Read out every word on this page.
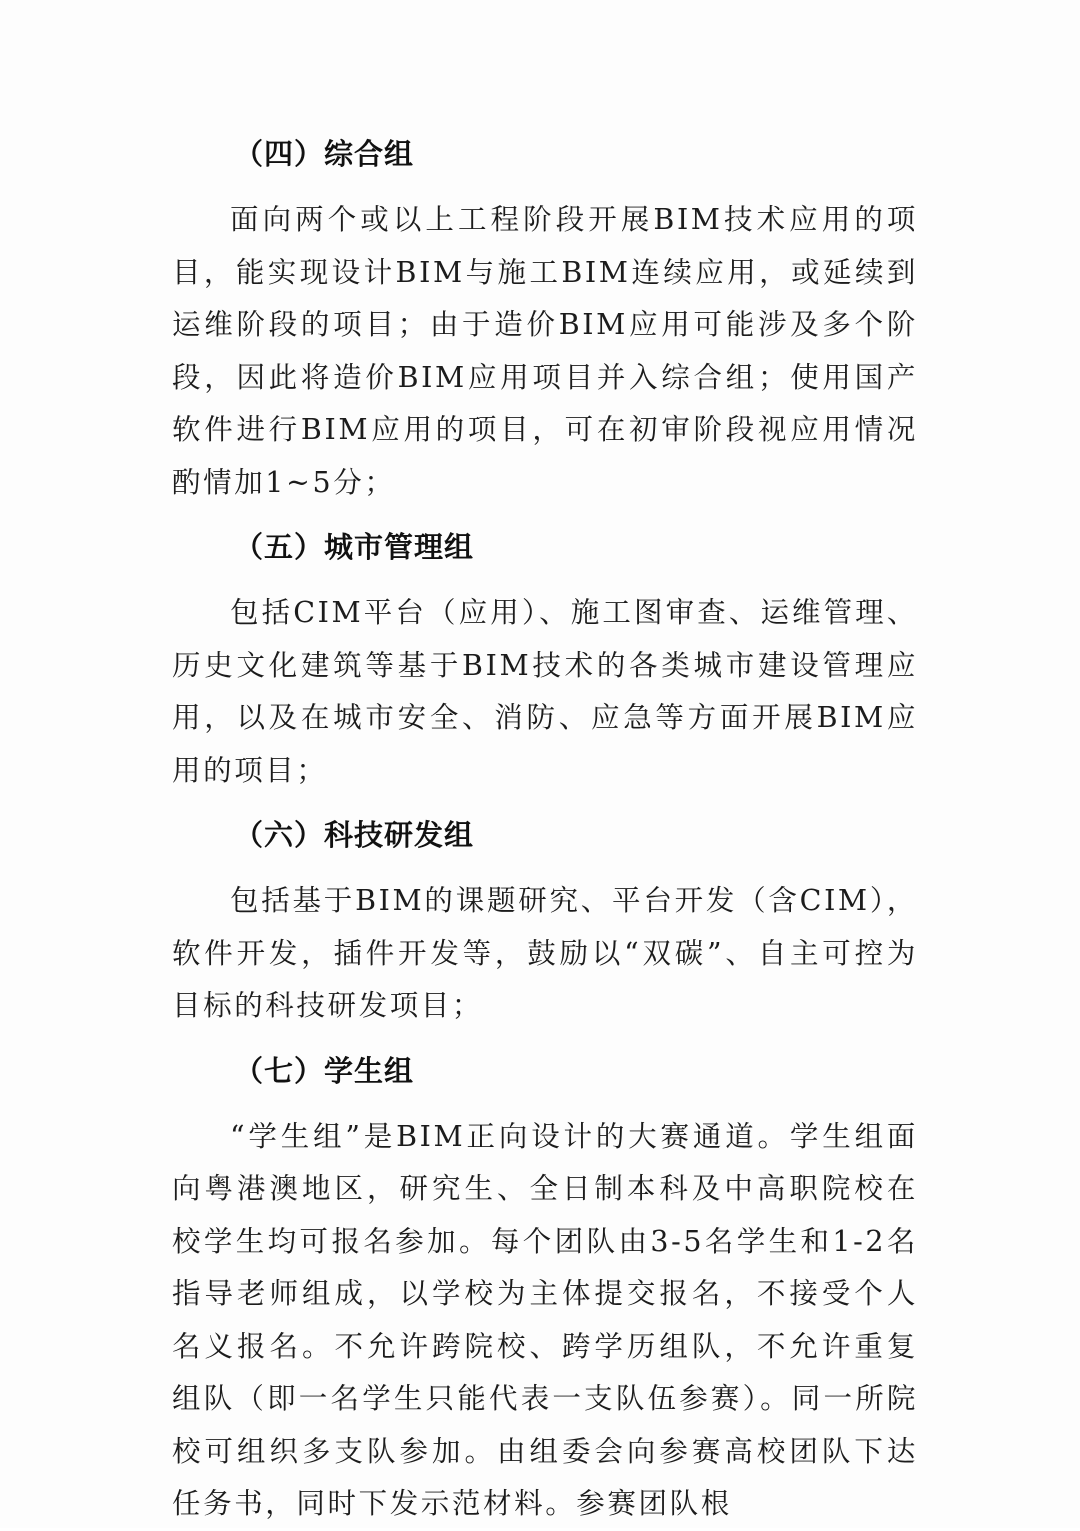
（四）综合组

面向两个或以上工程阶段开展BIM技术应用的项目，能实现设计BIM与施工BIM连续应用，或延续到运维阶段的项目；由于造价BIM应用可能涉及多个阶段，因此将造价BIM应用项目并入综合组；使用国产软件进行BIM应用的项目，可在初审阶段视应用情况酌情加1~5分；

（五）城市管理组

包括CIM平台（应用）、施工图审查、运维管理、历史文化建筑等基于BIM技术的各类城市建设管理应用，以及在城市安全、消防、应急等方面开展BIM应用的项目；

（六）科技研发组

包括基于BIM的课题研究、平台开发（含CIM），软件开发，插件开发等，鼓励以“双碳”、自主可控为目标的科技研发项目；

（七）学生组

“学生组”是BIM正向设计的大赛通道。学生组面向粤港澳地区，研究生、全日制本科及中高职院校在校学生均可报名参加。每个团队由3-5名学生和1-2名指导老师组成，以学校为主体提交报名，不接受个人名义报名。不允许跨院校、跨学历组队，不允许重复组队（即一名学生只能代表一支队伍参赛）。同一所院校可组织多支队参加。由组委会向参赛高校团队下达任务书，同时下发示范材料。参赛团队根
